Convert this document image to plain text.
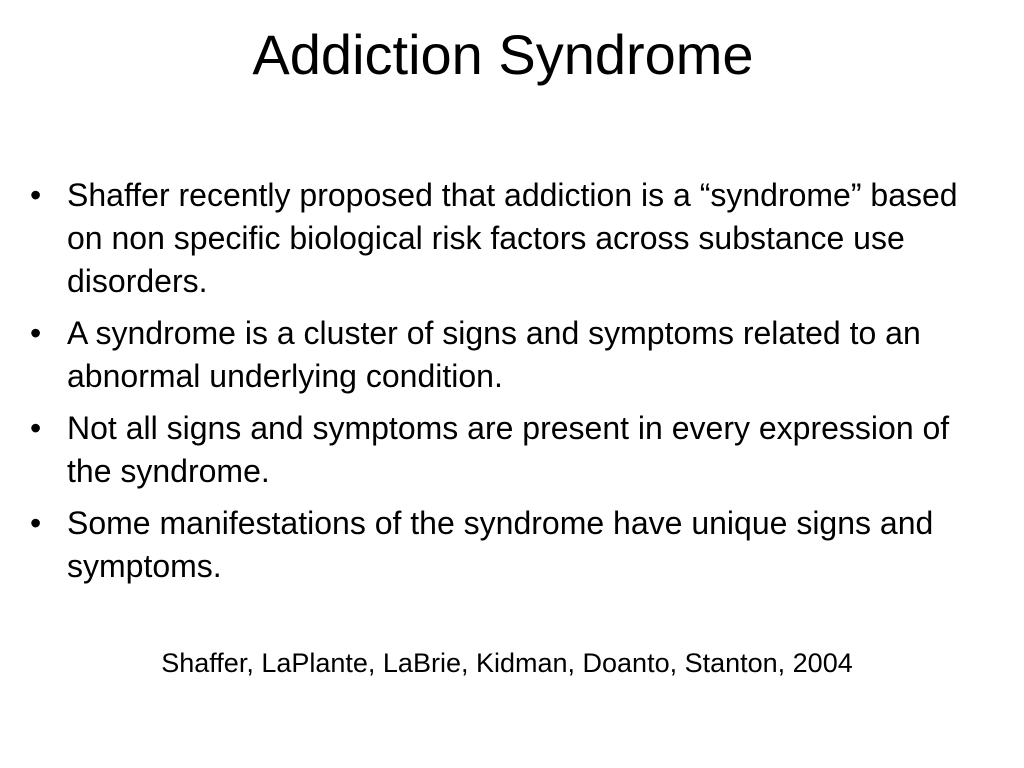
Addiction Syndrome
• Shaffer recently proposed that addiction is a “syndrome” based on non specific biological risk factors across substance use disorders.
• A syndrome is a cluster of signs and symptoms related to an abnormal underlying condition.
• Not all signs and symptoms are present in every expression of the syndrome.
• Some manifestations of the syndrome have unique signs and symptoms.

Shaffer, LaPlante, LaBrie, Kidman, Doanto, Stanton, 2004
